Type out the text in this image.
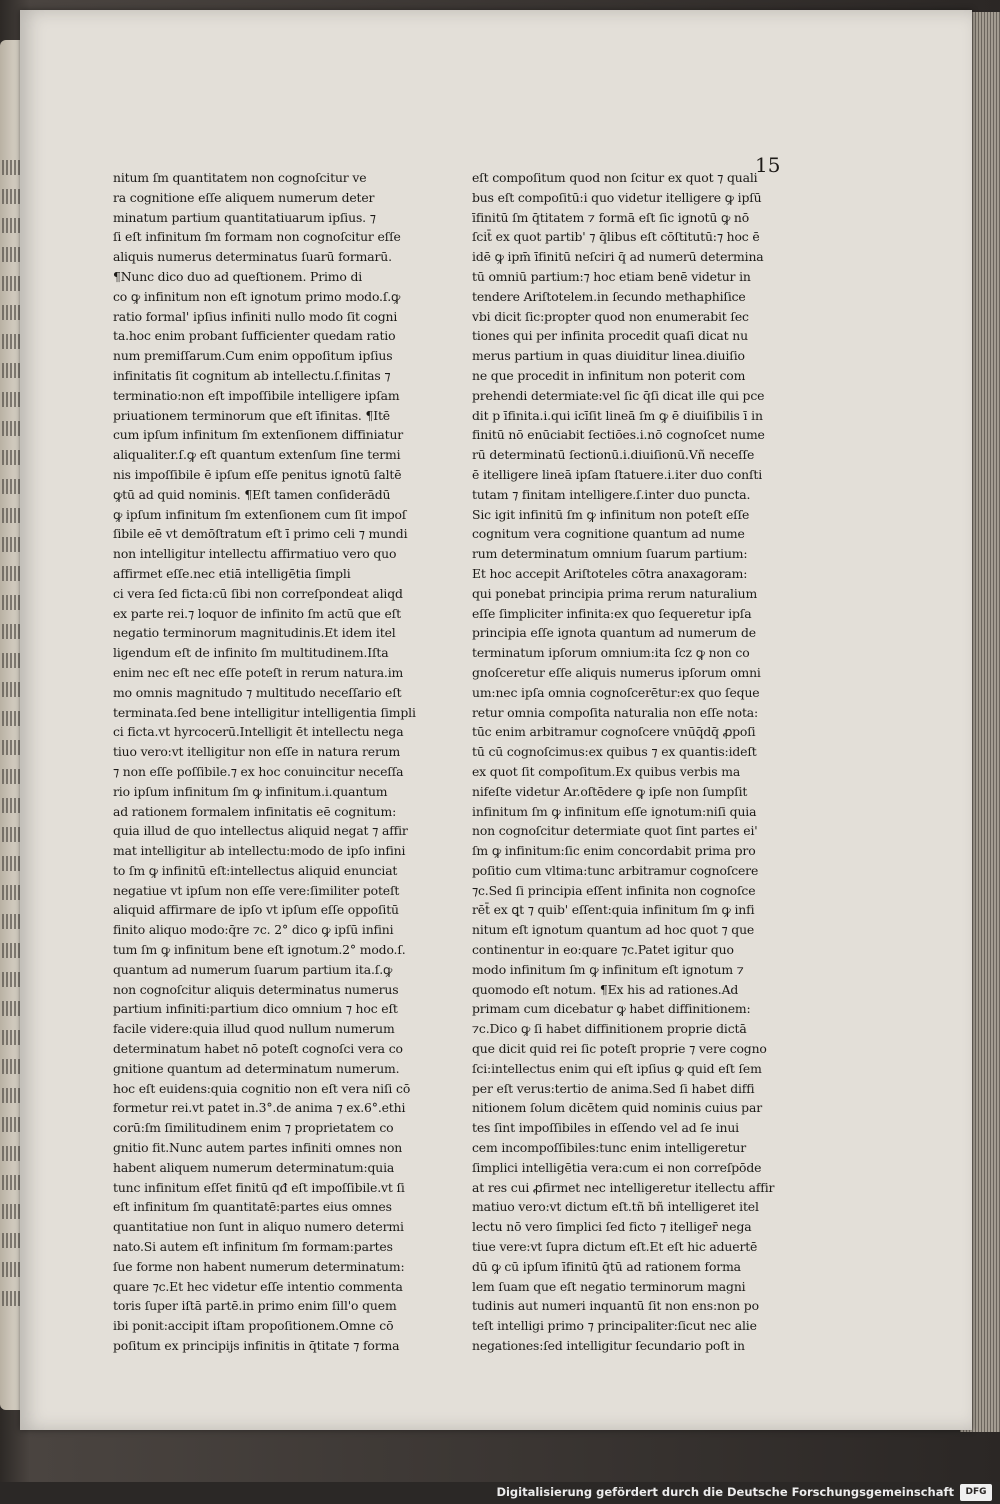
15
nitum ſm quantitatem non cognoſcitur ve
ra cognitione eſſe aliquem numerum deter
minatum partium quantitatiuarum ipſius. ⁊
ſi eſt infinitum ſm formam non cognoſcitur eſſe
aliquis numerus determinatus ſuarū formarū.
¶Nunc dico duo ad queſtionem. Primo di
co ꝙ infinitum non eſt ignotum primo modo.ſ.ꝙ
ratio formal' ipſius infiniti nullo modo ſit cogni
ta.hoc enim probant ſufficienter quedam ratio
num premiſſarum.Cum enim oppoſitum ipſius
infinitatis ſit cognitum ab intellectu.ſ.finitas ⁊
terminatio:non eſt impoſſibile intelligere ipſam
priuationem terminorum que eſt īfinitas. ¶Itē
cum ipſum infinitum ſm extenſionem diffiniatur
aliqualiter.ſ.ꝙ eſt quantum extenſum ſine termi
nis impoſſibile ē ipſum eſſe penitus ignotū ſaltē
ꝙtū ad quid nominis. ¶Eſt tamen conſiderādū
ꝙ ipſum infinitum ſm extenſionem cum ſit impoſ
ſibile eē vt demōſtratum eſt ī primo celi ⁊ mundi
non intelligitur intellectu affirmatiuo vero quo
affirmet eſſe.nec etiā intelligētia ſimpli
ci vera ſed ficta:cū ſibi non correſpondeat aliqd
ex parte rei.⁊ loquor de infinito ſm actū que eſt
negatio terminorum magnitudinis.Et idem itel
ligendum eſt de infinito ſm multitudinem.Iſta
enim nec eſt nec eſſe poteſt in rerum natura.im
mo omnis magnitudo ⁊ multitudo neceſſario eſt
terminata.ſed bene intelligitur intelligentia ſimpli
ci ficta.vt hyrcocerū.Intelligit ēt intellectu nega
tiuo vero:vt itelligitur non eſſe in natura rerum
⁊ non eſſe poſſibile.⁊ ex hoc conuincitur neceſſa
rio ipſum infinitum ſm ꝙ infinitum.i.quantum
ad rationem formalem infinitatis eē cognitum:
quia illud de quo intellectus aliquid negat ⁊ affir
mat intelligitur ab intellectu:modo de ipſo infini
to ſm ꝙ infinitū eſt:intellectus aliquid enunciat
negatiue vt ipſum non eſſe vere:ſimiliter poteſt
aliquid affirmare de ipſo vt ipſum eſſe oppoſitū
finito aliquo modo:q̄re ⁊c. 2° dico ꝙ ipſū infini
tum ſm ꝙ infinitum bene eſt ignotum.2° modo.ſ.
quantum ad numerum ſuarum partium ita.ſ.ꝙ
non cognoſcitur aliquis determinatus numerus
partium infiniti:partium dico omnium ⁊ hoc eſt
facile videre:quia illud quod nullum numerum
determinatum habet nō poteſt cognoſci vera co
gnitione quantum ad determinatum numerum.
hoc eſt euidens:quia cognitio non eſt vera niſi cō
formetur rei.vt patet in.3°.de anima ⁊ ex.6°.ethi
corū:ſm ſimilitudinem enim ⁊ proprietatem co
gnitio fit.Nunc autem partes infiniti omnes non
habent aliquem numerum determinatum:quia
tunc infinitum eſſet finitū qđ eſt impoſſibile.vt ſi
eſt infinitum ſm quantitatē:partes eius omnes
quantitatiue non ſunt in aliquo numero determi
nato.Si autem eſt infinitum ſm formam:partes
ſue forme non habent numerum determinatum:
quare ⁊c.Et hec videtur eſſe intentio commenta
toris ſuper iſtā partē.in primo enim ſill'o quem
ibi ponit:accipit iſtam propoſitionem.Omne cō
poſitum ex principijs infinitis in q̄titate ⁊ forma
eſt compoſitum quod non ſcitur ex quot ⁊ quali
bus eſt compoſitū:i quo videtur itelligere ꝙ ipſū
īfinitū ſm q̄titatem ⁊ formā eſt ſic ignotū ꝙ nō
ſcit̄ ex quot partib' ⁊ q̄libus eſt cōſtitutū:⁊ hoc ē
idē ꝙ ipm̄ īfinitū neſciri q̄ ad numerū determina
tū omniū partium:⁊ hoc etiam benē videtur in
tendere Ariſtotelem.in ſecundo methaphiſice
vbi dicit ſic:propter quod non enumerabit ſec
tiones qui per infinita procedit quaſi dicat nu
merus partium in quas diuiditur linea.diuiſio
ne que procedit in infinitum non poterit com
prehendi determiate:vel ſic q̄ſi dicat ille qui pce
dit p īfinita.i.qui icīſit lineā ſm ꝙ ē diuiſibilis ī in
finitū nō enūciabit ſectiōes.i.nō cognoſcet nume
rū determinatū ſectionū.i.diuiſionū.Vñ neceſſe
ē itelligere lineā ipſam ſtatuere.i.iter duo conſti
tutam ⁊ finitam intelligere.ſ.inter duo puncta.
Sic igit infinitū ſm ꝙ infinitum non poteſt eſſe
cognitum vera cognitione quantum ad nume
rum determinatum omnium ſuarum partium:
Et hoc accepit Ariſtoteles cōtra anaxagoram:
qui ponebat principia prima rerum naturalium
eſſe ſimpliciter infinita:ex quo ſequeretur ipſa
principia eſſe ignota quantum ad numerum de
terminatum ipſorum omnium:ita ſcz ꝙ non co
gnoſceretur eſſe aliquis numerus ipſorum omni
um:nec ipſa omnia cognoſcerētur:ex quo ſeque
retur omnia compoſita naturalia non eſſe nota:
tūc enim arbitramur cognoſcere vnūq̄dq̄ ꝓpoſi
tū cū cognoſcimus:ex quibus ⁊ ex quantis:ideſt
ex quot ſit compoſitum.Ex quibus verbis ma
nifeſte videtur Ar.oſtēdere ꝙ ipſe non ſumpſit
infinitum ſm ꝙ infinitum eſſe ignotum:niſi quia
non cognoſcitur determiate quot ſint partes ei'
ſm ꝙ infinitum:ſic enim concordabit prima pro
poſitio cum vltima:tunc arbitramur cognoſcere
⁊c.Sed ſi principia eſſent infinita non cognoſce
rēt̄ ex ꝗt ⁊ quib' eſſent:quia infinitum ſm ꝙ infi
nitum eſt ignotum quantum ad hoc quot ⁊ que
continentur in eo:quare ⁊c.Patet igitur quo
modo infinitum ſm ꝙ infinitum eſt ignotum ⁊
quomodo eſt notum. ¶Ex his ad rationes.Ad
primam cum dicebatur ꝙ habet diffinitionem:
⁊c.Dico ꝙ ſi habet diffinitionem proprie dictā
que dicit quid rei ſic poteſt proprie ⁊ vere cogno
ſci:intellectus enim qui eſt ipſius ꝙ quid eſt ſem
per eſt verus:tertio de anima.Sed ſi habet diffi
nitionem ſolum dicētem quid nominis cuius par
tes ſint impoſſibiles in eſſendo vel ad ſe inui
cem incompoſſibiles:tunc enim intelligeretur
ſimplici intelligētia vera:cum ei non correſpōde
at res cui ꝓfirmet nec intelligeretur itellectu affir
matiuo vero:vt dictum eſt.tñ bñ intelligeret itel
lectu nō vero ſimplici ſed ficto ⁊ itelliger̄ nega
tiue vere:vt ſupra dictum eſt.Et eſt hic aduertē
dū ꝙ cū ipſum īfinitū q̄tū ad rationem forma
lem ſuam que eſt negatio terminorum magni
tudinis aut numeri inquantū ſit non ens:non po
teſt intelligi primo ⁊ principaliter:ſicut nec alie
negationes:ſed intelligitur ſecundario poſt in
Digitalisierung gefördert durch die Deutsche Forschungsgemeinschaft	DFG
